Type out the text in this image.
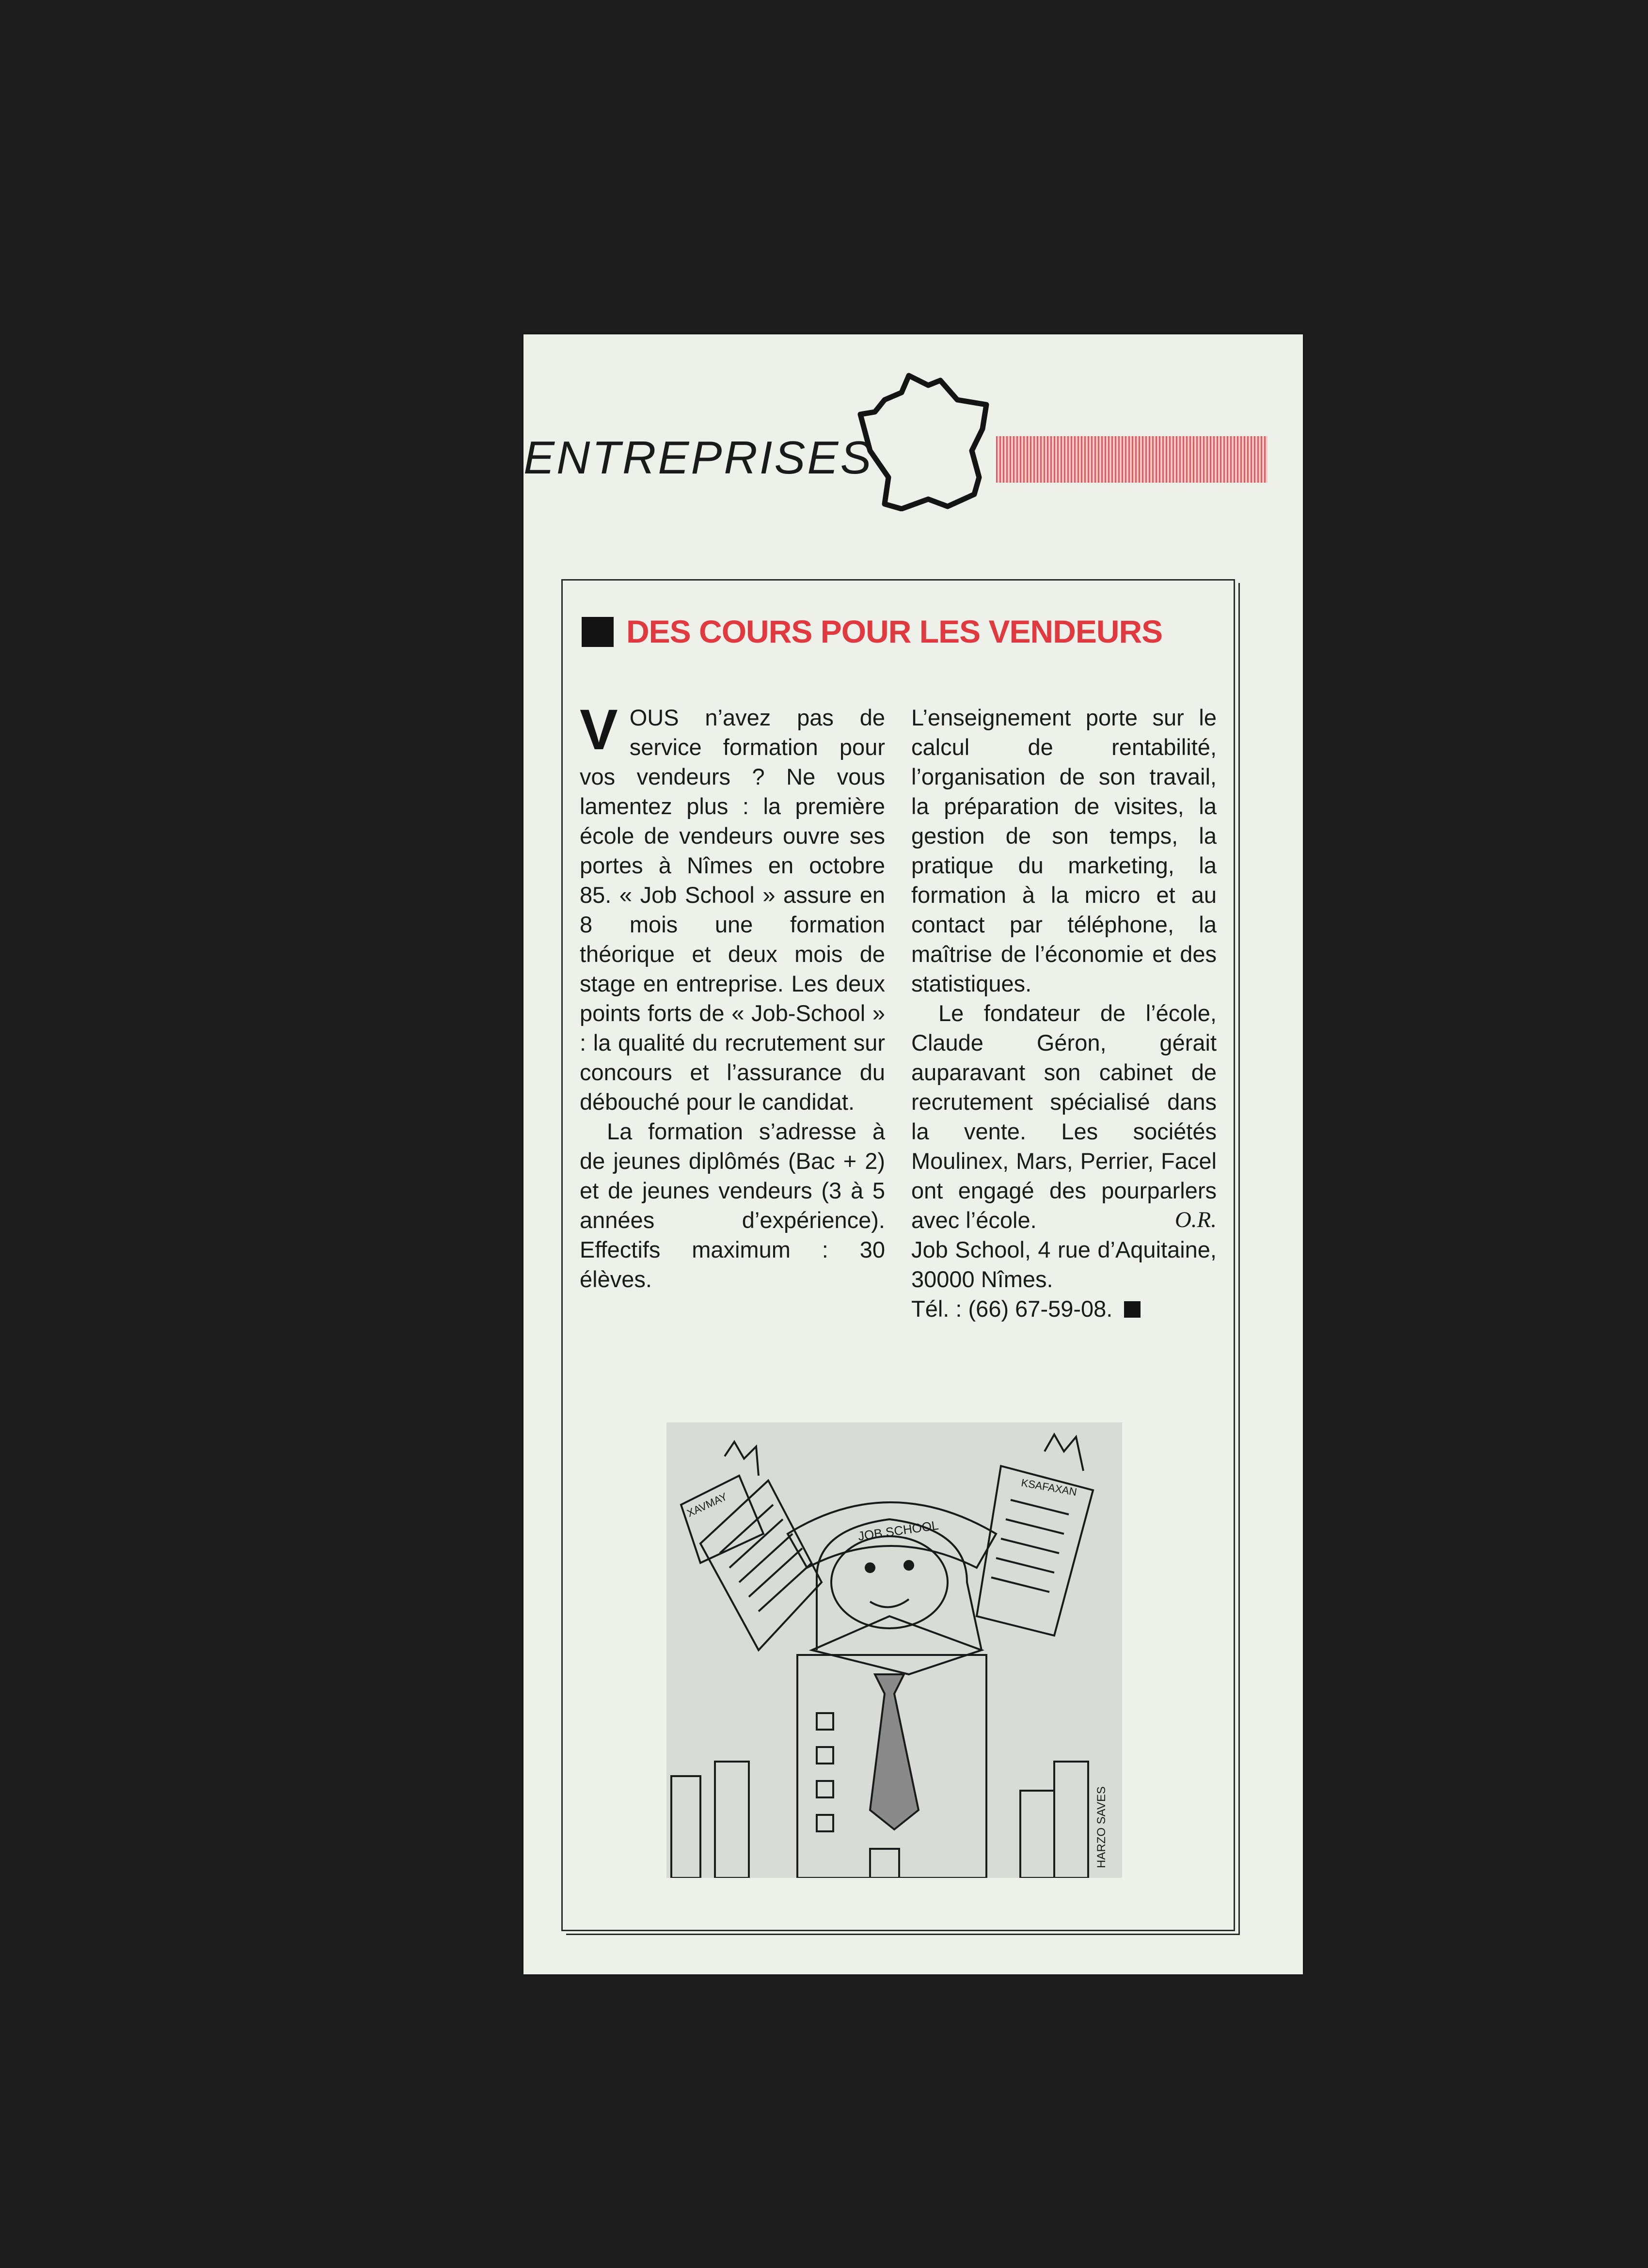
ENTREPRISES
DES COURS POUR LES VENDEURS

V OUS n’avez pas de service formation pour vos vendeurs ? Ne vous lamentez plus : la première école de vendeurs ouvre ses portes à Nîmes en octobre 85. « Job School » assure en 8 mois une formation théorique et deux mois de stage en entreprise. Les deux points forts de « Job-School » : la qualité du recrutement sur concours et l’assurance du débouché pour le candidat.

La formation s’adresse à de jeunes diplômés (Bac + 2) et de jeunes vendeurs (3 à 5 années d’expérience). Effectifs maximum : 30 élèves.

L’enseignement porte sur le calcul de rentabilité, l’organisation de son travail, la préparation de visites, la gestion de son temps, la pratique du marketing, la formation à la micro et au contact par téléphone, la maîtrise de l’économie et des statistiques.

Le fondateur de l’école, Claude Géron, gérait auparavant son cabinet de recrutement spécialisé dans la vente. Les sociétés Moulinex, Mars, Perrier, Facel ont engagé des pourparlers avec l’école.	O.R.

Job School, 4 rue d’Aquitaine, 30000 Nîmes.

Tél. : (66) 67-59-08.

JOB SCHOOL
XAVMAY
KSAFAXAN
HARZO SAVES
